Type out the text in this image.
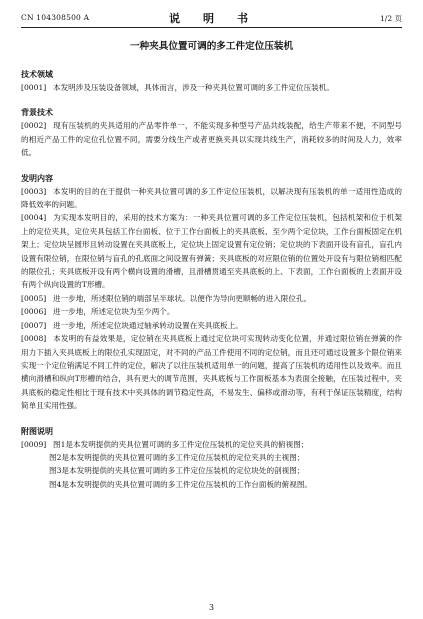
CN 104308500 A	说　明　书	1/2 页
一种夹具位置可调的多工件定位压装机
技术领域

[0001] 本发明涉及压装设备领域，具体而言，涉及一种夹具位置可调的多工件定位压装机。

背景技术

[0002] 现有压装机的夹具适用的产品零件单一，不能实现多种型号产品共线装配，给生产带来不便，不同型号的相近产品工件的定位孔位置不同，需要分线生产或者更换夹具以实现共线生产，消耗较多的时间及人力，效率低。

发明内容

[0003] 本发明的目的在于提供一种夹具位置可调的多工件定位压装机，以解决现有压装机的单一适用性造成的降低效率的问题。

[0004] 为实现本发明目的，采用的技术方案为：一种夹具位置可调的多工件定位压装机，包括机架和位于机架上的定位夹具，定位夹具包括工作台面板、位于工作台面板上的夹具底板、至少两个定位块，工作台面板固定在机架上；定位块呈圆形且转动设置在夹具底板上，定位块上固定设置有定位销；定位块的下表面开设有盲孔，盲孔内设置有限位销，在限位销与盲孔的孔底面之间设置有弹簧；夹具底板的对应限位销的位置处开设有与限位销相匹配的限位孔；夹具底板开设有两个横向设置的滑槽，且滑槽贯通至夹具底板的上、下表面，工作台面板的上表面开设有两个纵向设置的T形槽。

[0005] 进一步地，所述限位销的端部呈半球状。以便作为导向更顺畅的进入限位孔。

[0006] 进一步地，所述定位块为至少两个。

[0007] 进一步地，所述定位块通过轴承转动设置在夹具底板上。

[0008] 本发明的有益效果是，定位销在夹具底板上通过定位块可实现转动变化位置，并通过限位销在弹簧的作用力下插入夹具底板上的限位孔实现固定，对不同的产品工件使用不同的定位销，而且还可通过设置多个限位销来实现一个定位销满足不同工件的定位，解决了以往压装机适用单一的问题，提高了压装机的适用性以及效率。而且横向滑槽和纵向T形槽的结合，具有更大的调节范围，夹具底板与工作面板基本为表面全接触，在压装过程中，夹具底板的稳定性相比于现有技术中夹具体的调节稳定性高，不易发生、偏移或滑动等，有利于保证压装精度，结构简单且实用性强。

附图说明

[0009] 图1是本发明提供的夹具位置可调的多工件定位压装机的定位夹具的俯视图；

图2是本发明提供的夹具位置可调的多工件定位压装机的定位夹具的主视图；

图3是本发明提供的夹具位置可调的多工件定位压装机的定位块处的剖视图；

图4是本发明提供的夹具位置可调的多工件定位压装机的工作台面板的俯视图。

3
